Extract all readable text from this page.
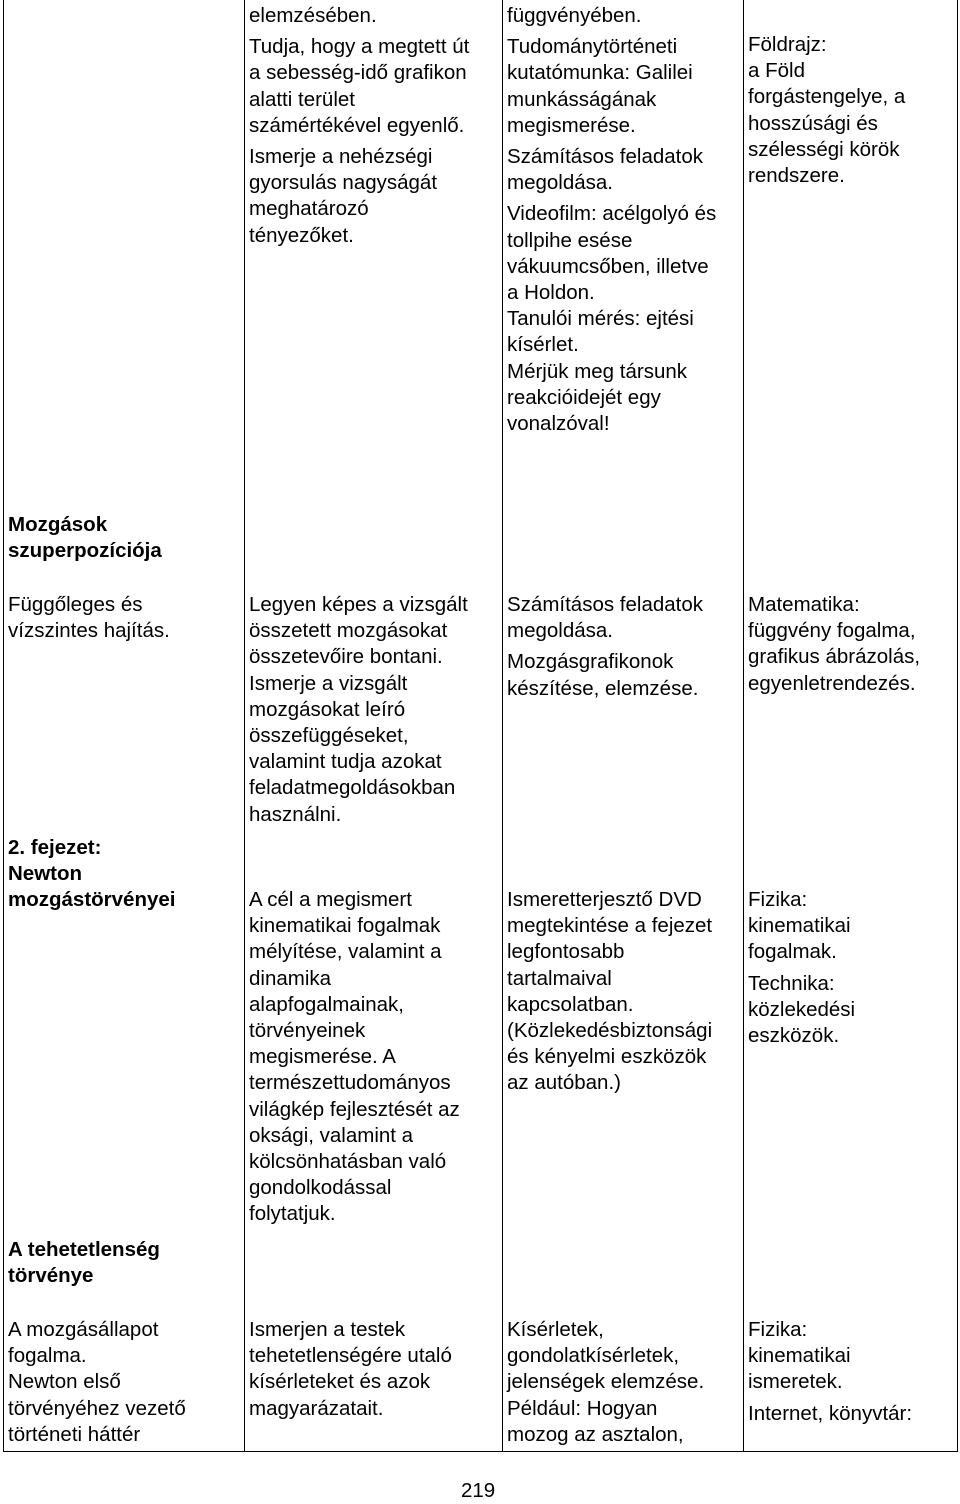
elemzésében.
Tudja, hogy a megtett út
a sebesség-idő grafikon
alatti terület
számértékével egyenlő.
Ismerje a nehézségi
gyorsulás nagyságát
meghatározó
tényezőket.
függvényében.
Tudománytörténeti
kutatómunka: Galilei
munkásságának
megismerése.
Számításos feladatok
megoldása.
Videofilm: acélgolyó és
tollpihe esése
vákuumcsőben, illetve
a Holdon.
Tanulói mérés: ejtési
kísérlet.
Mérjük meg társunk
reakcióidejét egy
vonalzóval!
Földrajz:
a Föld
forgástengelye, a
hosszúsági és
szélességi körök
rendszere.
Mozgások
szuperpozíciója
Függőleges és
vízszintes hajítás.
Legyen képes a vizsgált
összetett mozgásokat
összetevőire bontani.
Ismerje a vizsgált
mozgásokat leíró
összefüggéseket,
valamint tudja azokat
feladatmegoldásokban
használni.
Számításos feladatok
megoldása.
Mozgásgrafikonok
készítése, elemzése.
Matematika:
függvény fogalma,
grafikus ábrázolás,
egyenletrendezés.
2. fejezet:
Newton
mozgástörvényei	A cél a megismert
kinematikai fogalmak
mélyítése, valamint a
dinamika
alapfogalmainak,
törvényeinek
megismerése. A
természettudományos
világkép fejlesztését az
oksági, valamint a
kölcsönhatásban való
gondolkodással
folytatjuk.
Ismeretterjesztő DVD
megtekintése a fejezet
legfontosabb
tartalmaival
kapcsolatban.
(Közlekedésbiztonsági
és kényelmi eszközök
az autóban.)
Fizika:
kinematikai
fogalmak.
Technika:
közlekedési
eszközök.
A tehetetlenség
törvénye
A mozgásállapot
fogalma.
Newton első
törvényéhez vezető
történeti háttér
Ismerjen a testek
tehetetlenségére utaló
kísérleteket és azok
magyarázatait.
Kísérletek,
gondolatkísérletek,
jelenségek elemzése.
Például: Hogyan
mozog az asztalon,
Fizika:
kinematikai
ismeretek.
Internet, könyvtár:
219
